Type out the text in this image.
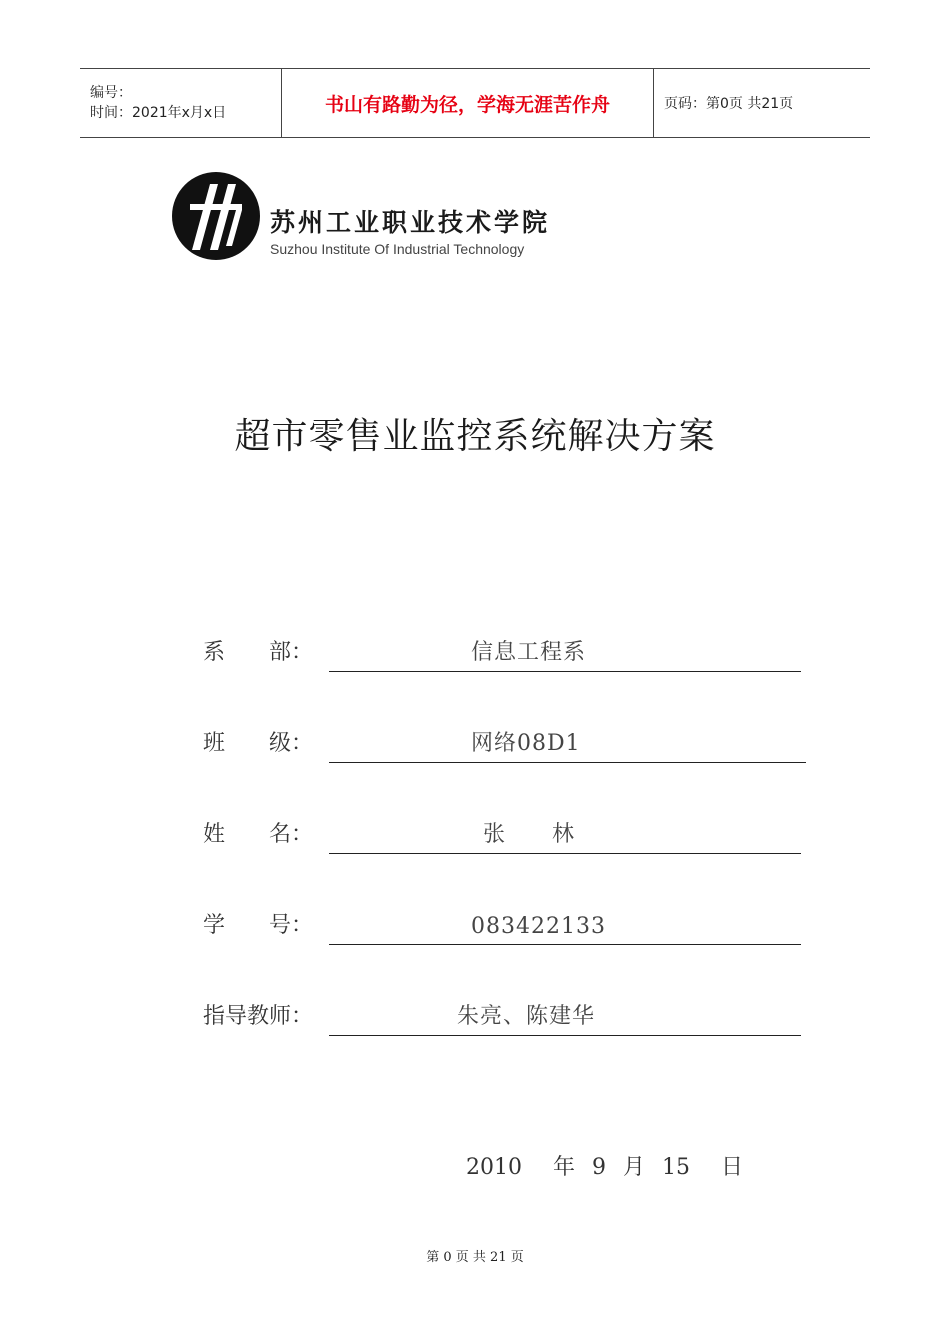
编号：
时间：2021年x月x日	书山有路勤为径，学海无涯苦作舟	页码：第0页 共21页
苏州工业职业技术学院
Suzhou Institute Of Industrial Technology
超市零售业监控系统解决方案
系　　部：	信息工程系
班　　级：	网络08D1
姓　　名：	张　　林
学　　号：	083422133
指导教师：	朱亮、陈建华
2010 年 9 月 15 日
第 0 页 共 21 页
